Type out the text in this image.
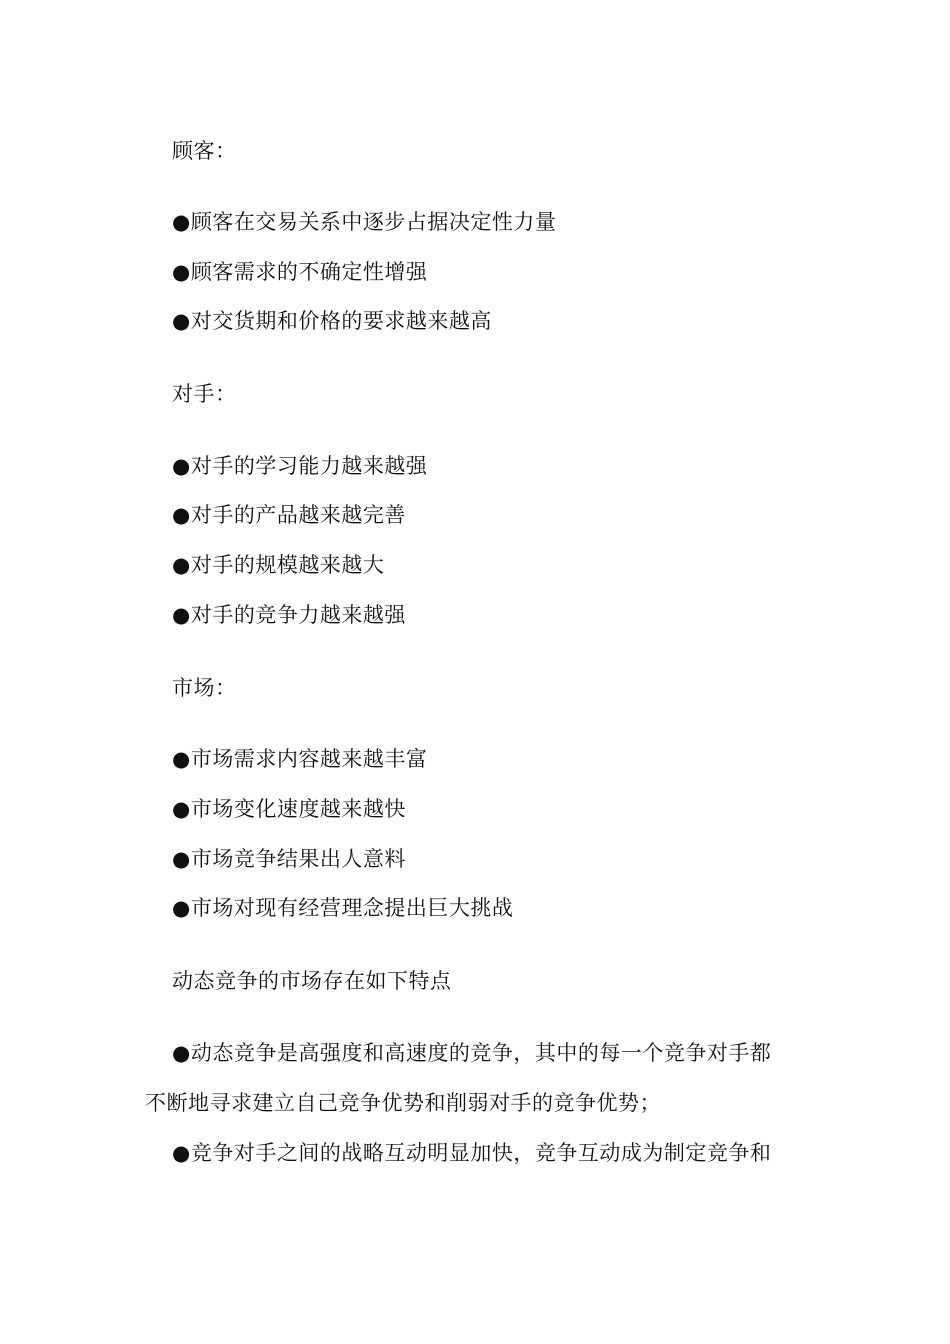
顾客：
●顾客在交易关系中逐步占据决定性力量
●顾客需求的不确定性增强
●对交货期和价格的要求越来越高
对手：
●对手的学习能力越来越强
●对手的产品越来越完善
●对手的规模越来越大
●对手的竞争力越来越强
市场：
●市场需求内容越来越丰富
●市场变化速度越来越快
●市场竞争结果出人意料
●市场对现有经营理念提出巨大挑战
动态竞争的市场存在如下特点
●动态竞争是高强度和高速度的竞争，其中的每一个竞争对手都
不断地寻求建立自己竞争优势和削弱对手的竞争优势；
●竞争对手之间的战略互动明显加快，竞争互动成为制定竞争和
